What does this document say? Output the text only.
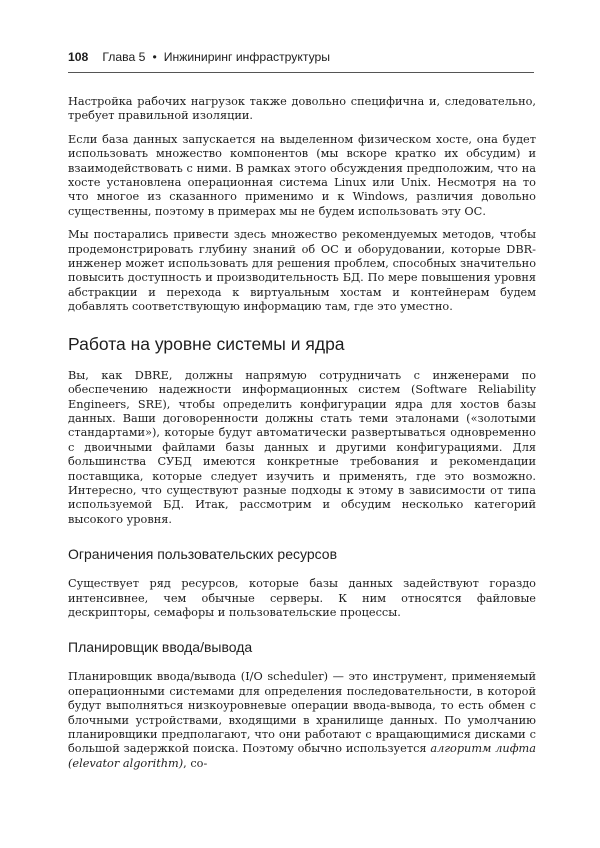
108 Глава 5 • Инжиниринг инфраструктуры

Настройка рабочих нагрузок также довольно специфична и, следовательно, требует правильной изоляции.

Если база данных запускается на выделенном физическом хосте, она будет использовать множество компонентов (мы вскоре кратко их обсудим) и взаимодействовать с ними. В рамках этого обсуждения предположим, что на хосте установлена операционная система Linux или Unix. Несмотря на то что многое из сказанного применимо и к Windows, различия довольно существенны, поэтому в примерах мы не будем использовать эту ОС.

Мы постарались привести здесь множество рекомендуемых методов, чтобы продемонстрировать глубину знаний об ОС и оборудовании, которые DBR-инженер может использовать для решения проблем, способных значительно повысить доступность и производительность БД. По мере повышения уровня абстракции и перехода к виртуальным хостам и контейнерам будем добавлять соответствующую информацию там, где это уместно.

Работа на уровне системы и ядра

Вы, как DBRE, должны напрямую сотрудничать с инженерами по обеспечению надежности информационных систем (Software Reliability Engineers, SRE), чтобы определить конфигурации ядра для хостов базы данных. Ваши договоренности должны стать теми эталонами («золотыми стандартами»), которые будут автоматически развертываться одновременно с двоичными файлами базы данных и другими конфигурациями. Для большинства СУБД имеются конкретные требования и рекомендации поставщика, которые следует изучить и применять, где это возможно. Интересно, что существуют разные подходы к этому в зависимости от типа используемой БД. Итак, рассмотрим и обсудим несколько категорий высокого уровня.

Ограничения пользовательских ресурсов

Существует ряд ресурсов, которые базы данных задействуют гораздо интенсивнее, чем обычные серверы. К ним относятся файловые дескрипторы, семафоры и пользовательские процессы.

Планировщик ввода/вывода

Планировщик ввода/вывода (I/O scheduler) — это инструмент, применяемый операционными системами для определения последовательности, в которой будут выполняться низкоуровневые операции ввода-вывода, то есть обмен с блочными устройствами, входящими в хранилище данных. По умолчанию планировщики предполагают, что они работают с вращающимися дисками с большой задержкой поиска. Поэтому обычно используется алгоритм лифта (elevator algorithm), со-
